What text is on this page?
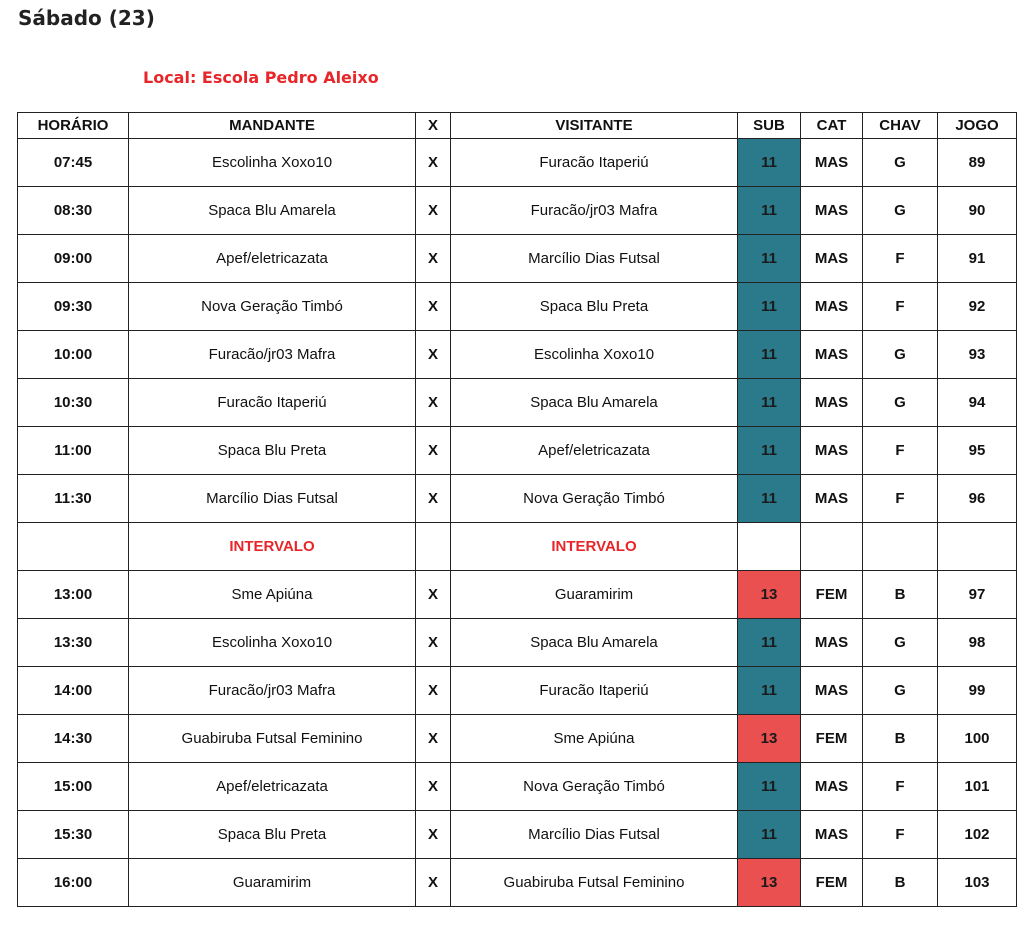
Sábado (23)
Local: Escola Pedro Aleixo
HORÁRIO	MANDANTE	X	VISITANTE	SUB	CAT	CHAV	JOGO
07:45	Escolinha Xoxo10	X	Furacão Itaperiú	11	MAS	G	89
08:30	Spaca Blu Amarela	X	Furacão/jr03 Mafra	11	MAS	G	90
09:00	Apef/eletricazata	X	Marcílio Dias Futsal	11	MAS	F	91
09:30	Nova Geração Timbó	X	Spaca Blu Preta	11	MAS	F	92
10:00	Furacão/jr03 Mafra	X	Escolinha Xoxo10	11	MAS	G	93
10:30	Furacão Itaperiú	X	Spaca Blu Amarela	11	MAS	G	94
11:00	Spaca Blu Preta	X	Apef/eletricazata	11	MAS	F	95
11:30	Marcílio Dias Futsal	X	Nova Geração Timbó	11	MAS	F	96
	INTERVALO		INTERVALO				
13:00	Sme Apiúna	X	Guaramirim	13	FEM	B	97
13:30	Escolinha Xoxo10	X	Spaca Blu Amarela	11	MAS	G	98
14:00	Furacão/jr03 Mafra	X	Furacão Itaperiú	11	MAS	G	99
14:30	Guabiruba Futsal Feminino	X	Sme Apiúna	13	FEM	B	100
15:00	Apef/eletricazata	X	Nova Geração Timbó	11	MAS	F	101
15:30	Spaca Blu Preta	X	Marcílio Dias Futsal	11	MAS	F	102
16:00	Guaramirim	X	Guabiruba Futsal Feminino	13	FEM	B	103
